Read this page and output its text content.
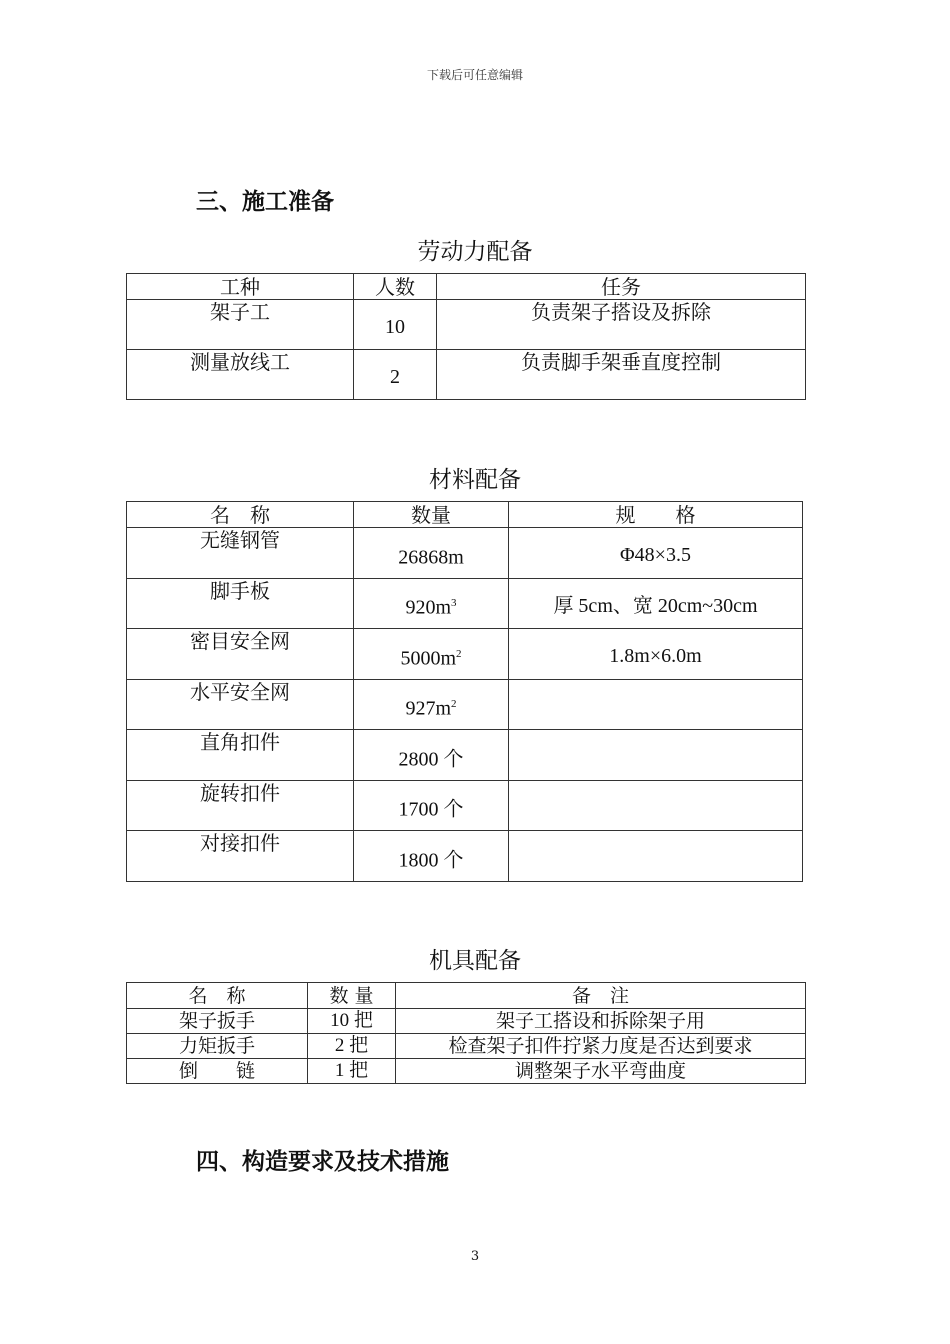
下载后可任意编辑
三、施工准备
劳动力配备
工种	人数	任务
架子工	10	负责架子搭设及拆除
测量放线工	2	负责脚手架垂直度控制
材料配备
名　称	数量	规　　格
无缝钢管	26868m	Φ48×3.5
脚手板	$920m^3$	厚 5cm、宽 20cm~30cm
密目安全网	$5000m^2$	1.8m×6.0m
水平安全网	$927m^2$	
直角扣件	2800 个	
旋转扣件	1700 个	
对接扣件	1800 个	
机具配备
名　称	数 量	备　注
架子扳手	10 把	架子工搭设和拆除架子用
力矩扳手	2 把	检查架子扣件拧紧力度是否达到要求
倒　　链	1 把	调整架子水平弯曲度
四、构造要求及技术措施
3
